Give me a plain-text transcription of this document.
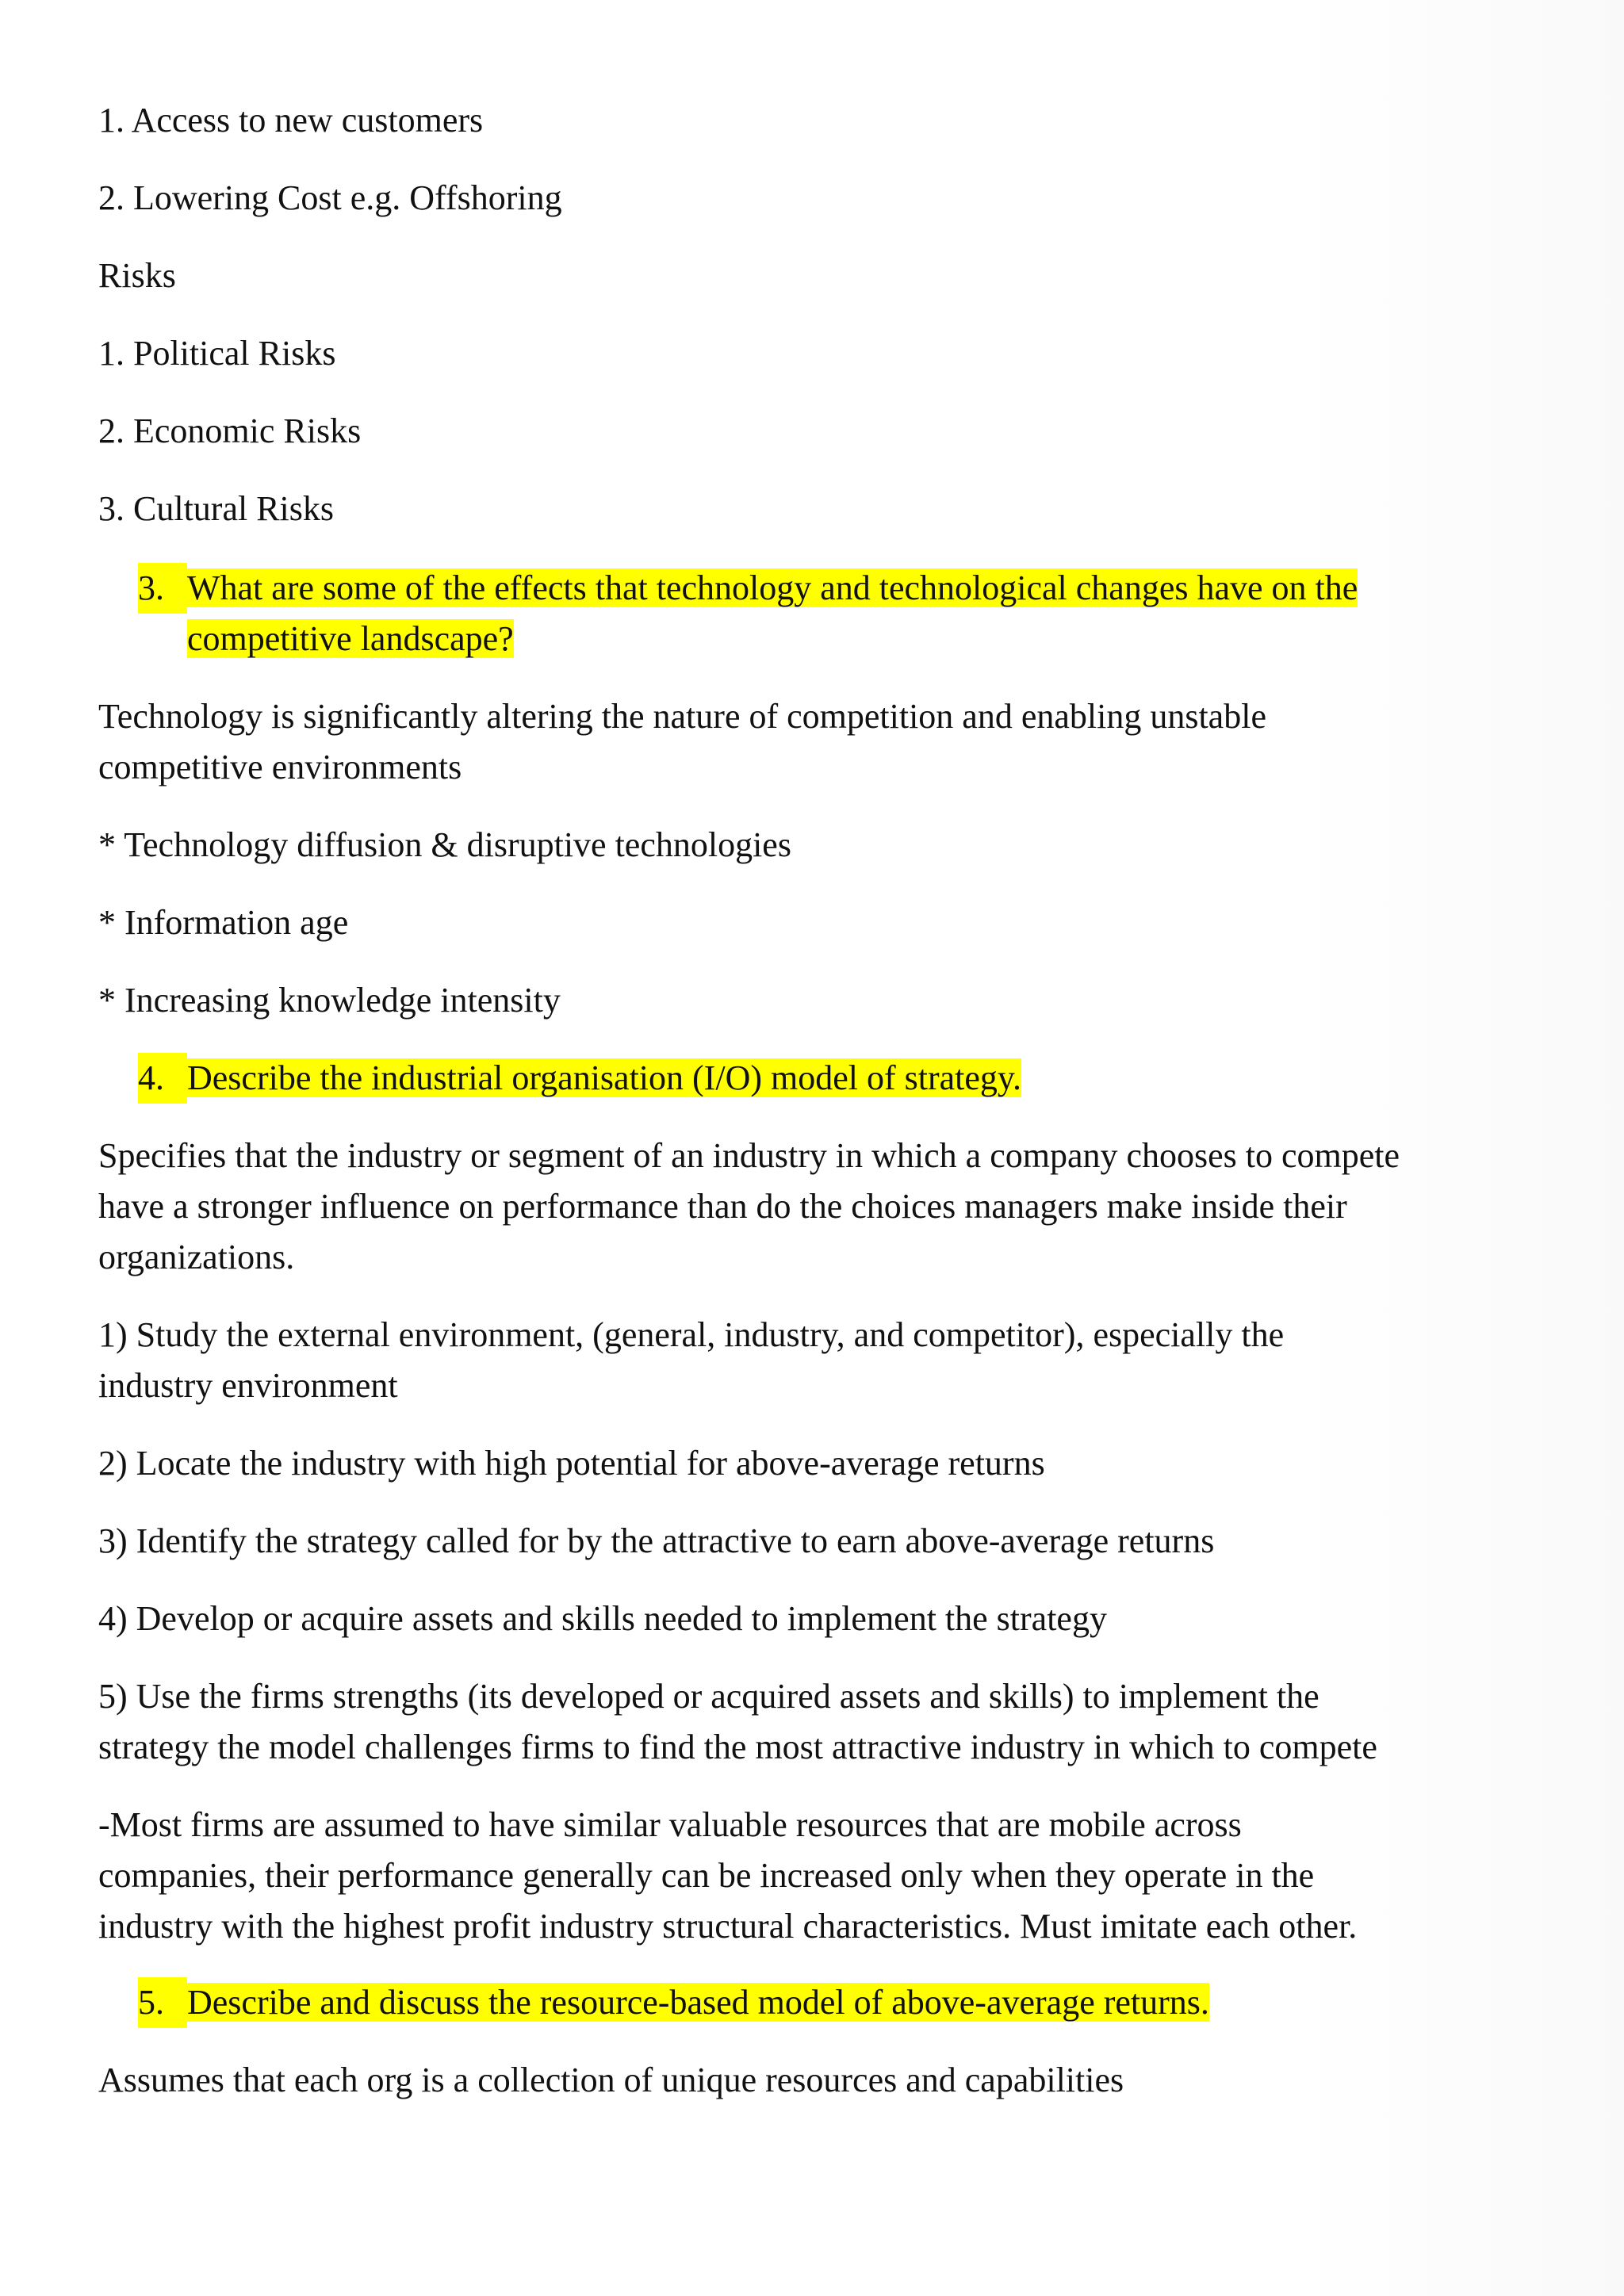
1. Access to new customers
2. Lowering Cost e.g. Offshoring
Risks
1. Political Risks
2. Economic Risks
3. Cultural Risks
3. What are some of the effects that technology and technological changes have on the
competitive landscape?
Technology is significantly altering the nature of competition and enabling unstable
competitive environments
* Technology diffusion & disruptive technologies
* Information age
* Increasing knowledge intensity
4. Describe the industrial organisation (I/O) model of strategy.
Specifies that the industry or segment of an industry in which a company chooses to compete
have a stronger influence on performance than do the choices managers make inside their
organizations.
1) Study the external environment, (general, industry, and competitor), especially the
industry environment
2) Locate the industry with high potential for above-average returns
3) Identify the strategy called for by the attractive to earn above-average returns
4) Develop or acquire assets and skills needed to implement the strategy
5) Use the firms strengths (its developed or acquired assets and skills) to implement the
strategy the model challenges firms to find the most attractive industry in which to compete
-Most firms are assumed to have similar valuable resources that are mobile across
companies, their performance generally can be increased only when they operate in the
industry with the highest profit industry structural characteristics. Must imitate each other.
5. Describe and discuss the resource-based model of above-average returns.
Assumes that each org is a collection of unique resources and capabilities
